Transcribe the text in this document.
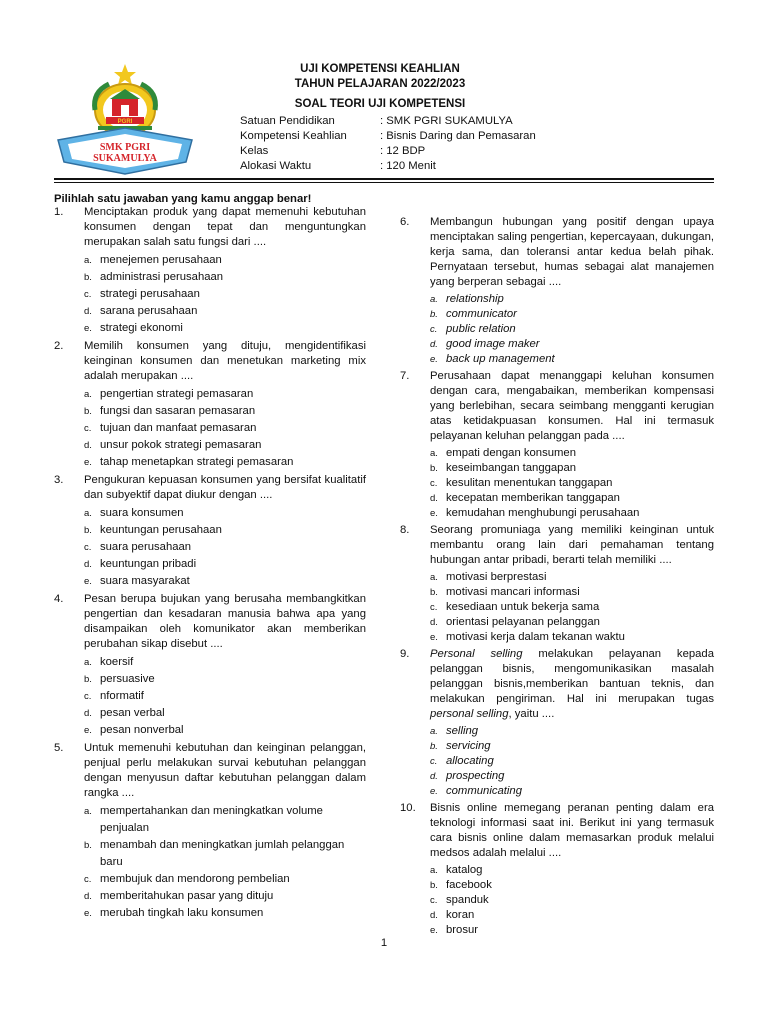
PGRI
SMK PGRI
SUKAMULYA
UJI KOMPETENSI KEAHLIAN
TAHUN PELAJARAN 2022/2023
SOAL TEORI UJI KOMPETENSI
Satuan Pendidikan	: SMK PGRI SUKAMULYA
Kompetensi Keahlian	: Bisnis Daring dan Pemasaran
Kelas	: 12 BDP
Alokasi Waktu	: 120 Menit
Pilihlah satu jawaban yang kamu anggap benar!
1. Menciptakan produk yang dapat memenuhi kebutuhan konsumen dengan tepat dan menguntungkan merupakan salah satu fungsi dari ....
a. menejemen perusahaan
b. administrasi perusahaan
c. strategi perusahaan
d. sarana perusahaan
e. strategi ekonomi
2. Memilih konsumen yang dituju, mengidentifikasi keinginan konsumen dan menetukan marketing mix adalah merupakan ....
a. pengertian strategi pemasaran
b. fungsi dan sasaran pemasaran
c. tujuan dan manfaat pemasaran
d. unsur pokok strategi pemasaran
e. tahap menetapkan strategi pemasaran
3. Pengukuran kepuasan konsumen yang bersifat kualitatif dan subyektif dapat diukur dengan ....
a. suara konsumen
b. keuntungan perusahaan
c. suara perusahaan
d. keuntungan pribadi
e. suara masyarakat
4. Pesan berupa bujukan yang berusaha membangkitkan pengertian dan kesadaran manusia bahwa apa yang disampaikan oleh komunikator akan memberikan perubahan sikap disebut ....
a. koersif
b. persuasive
c. nformatif
d. pesan verbal
e. pesan nonverbal
5. Untuk memenuhi kebutuhan dan keinginan pelanggan, penjual perlu melakukan survai kebutuhan pelanggan dengan menyusun daftar kebutuhan pelanggan dalam rangka ....
a. mempertahankan dan meningkatkan volume penjualan
b. menambah dan meningkatkan jumlah pelanggan baru
c. membujuk dan mendorong pembelian
d. memberitahukan pasar yang dituju
e. merubah tingkah laku konsumen
6. Membangun hubungan yang positif dengan upaya menciptakan saling pengertian, kepercayaan, dukungan, kerja sama, dan toleransi antar kedua belah pihak. Pernyataan tersebut, humas sebagai alat manajemen yang berperan sebagai ....
a. relationship
b. communicator
c. public relation
d. good image maker
e. back up management
7. Perusahaan dapat menanggapi keluhan konsumen dengan cara, mengabaikan, memberikan kompensasi yang berlebihan, secara seimbang mengganti kerugian atas ketidakpuasan konsumen. Hal ini termasuk pelayanan keluhan pelanggan pada ....
a. empati dengan konsumen
b. keseimbangan tanggapan
c. kesulitan menentukan tanggapan
d. kecepatan memberikan tanggapan
e. kemudahan menghubungi perusahaan
8. Seorang promuniaga yang memiliki keinginan untuk membantu orang lain dari pemahaman tentang hubungan antar pribadi, berarti telah memiliki ....
a. motivasi berprestasi
b. motivasi mancari informasi
c. kesediaan untuk bekerja sama
d. orientasi pelayanan pelanggan
e. motivasi kerja dalam tekanan waktu
9. Personal selling melakukan pelayanan kepada pelanggan bisnis, mengomunikasikan masalah pelanggan bisnis,memberikan bantuan teknis, dan melakukan pengiriman. Hal ini merupakan tugas personal selling, yaitu ....
a. selling
b. servicing
c. allocating
d. prospecting
e. communicating
10. Bisnis online memegang peranan penting dalam era teknologi informasi saat ini. Berikut ini yang termasuk cara bisnis online dalam memasarkan produk melalui medsos adalah melalui ....
a. katalog
b. facebook
c. spanduk
d. koran
e. brosur
1
